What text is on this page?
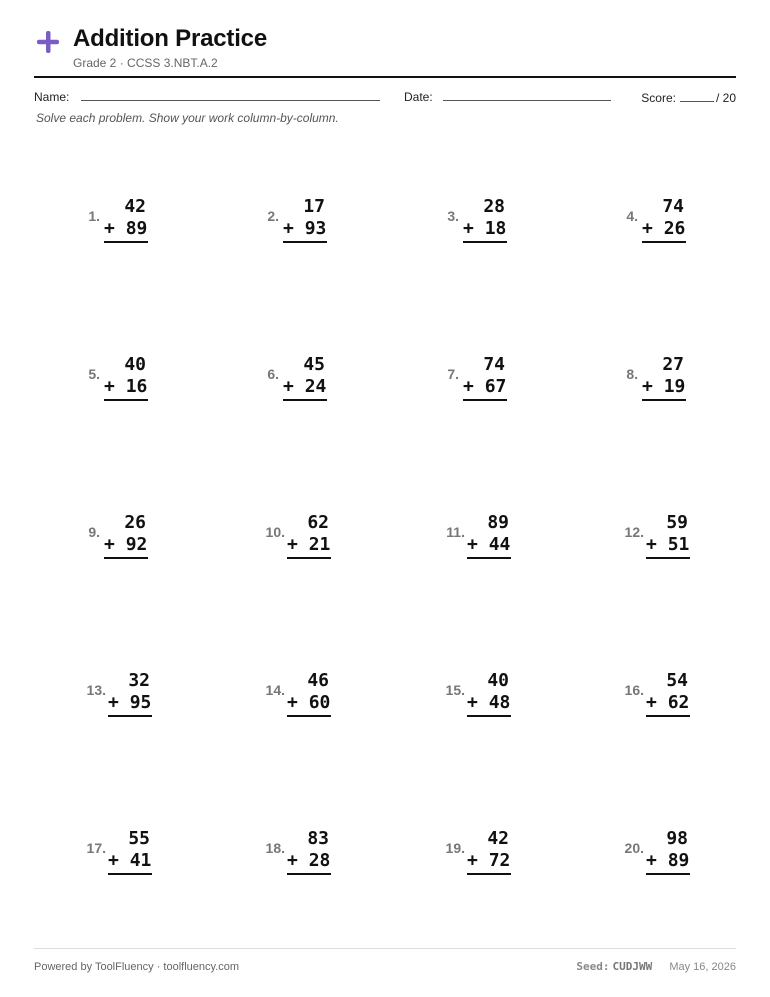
Addition Practice
Grade 2 · CCSS 3.NBT.A.2
Name:	Date:	Score:	/ 20
Solve each problem. Show your work column-by-column.
1.	42
+ 89
2.	17
+ 93
3.	28
+ 18
4.	74
+ 26
5.	40
+ 16
6.	45
+ 24
7.	74
+ 67
8.	27
+ 19
9.	26
+ 92
10.	62
+ 21
11.	89
+ 44
12.	59
+ 51
13.	32
+ 95
14.	46
+ 60
15.	40
+ 48
16.	54
+ 62
17.	55
+ 41
18.	83
+ 28
19.	42
+ 72
20.	98
+ 89
Powered by ToolFluency · toolfluency.com	Seed: CUDJWW May 16, 2026
